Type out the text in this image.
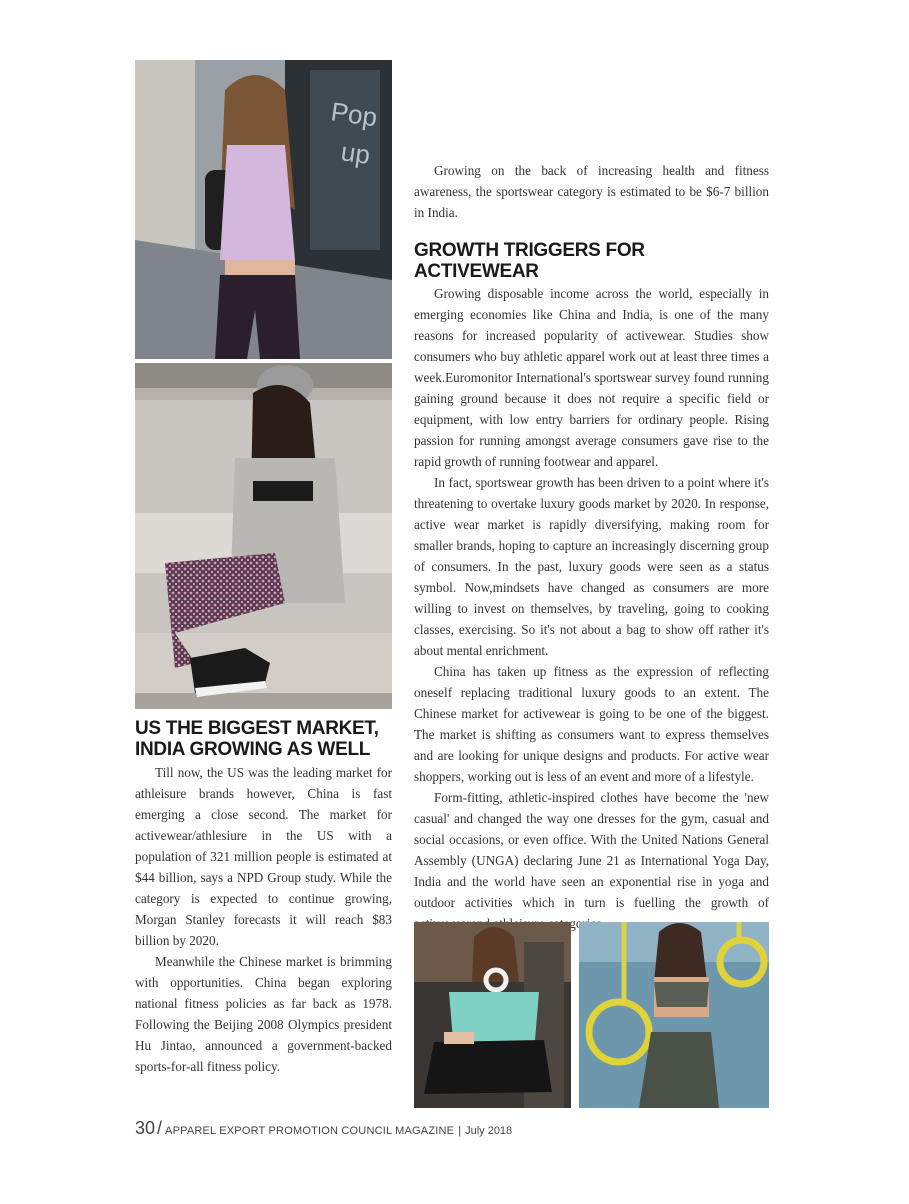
Pop
up
US THE BIGGEST MARKET,
INDIA GROWING AS WELL

Till now, the US was the leading market for athleisure brands however, China is fast emerging a close second. The market for activewear/athlesiure in the US with a population of 321 million people is estimated at $44 billion, says a NPD Group study. While the category is expected to continue growing, Morgan Stanley forecasts it will reach $83 billion by 2020.

Meanwhile the Chinese market is brimming with opportunities. China began exploring national fitness policies as far back as 1978. Following the Beijing 2008 Olympics president Hu Jintao, announced a government-backed sports-for-all fitness policy.

Growing on the back of increasing health and fitness awareness, the sportswear category is estimated to be $6-7 billion in India.

GROWTH TRIGGERS FOR ACTIVEWEAR

Growing disposable income across the world, especially in emerging economies like China and India, is one of the many reasons for increased popularity of activewear. Studies show consumers who buy athletic apparel work out at least three times a week.Euromonitor International's sportswear survey found running gaining ground because it does not require a specific field or equipment, with low entry barriers for ordinary people. Rising passion for running amongst average consumers gave rise to the rapid growth of running footwear and apparel.

In fact, sportswear growth has been driven to a point where it's threatening to overtake luxury goods market by 2020. In response, active wear market is rapidly diversifying, making room for smaller brands, hoping to capture an increasingly discerning group of consumers. In the past, luxury goods were seen as a status symbol. Now,mindsets have changed as consumers are more willing to invest on themselves, by traveling, going to cooking classes, exercising. So it's not about a bag to show off rather it's about mental enrichment.

China has taken up fitness as the expression of reflecting oneself replacing traditional luxury goods to an extent. The Chinese market for activewear is going to be one of the biggest. The market is shifting as consumers want to express themselves and are looking for unique designs and products. For active wear shoppers, working out is less of an event and more of a lifestyle.

Form-fitting, athletic-inspired clothes have become the 'new casual' and changed the way one dresses for the gym, casual and social occasions, or even office. With the United Nations General Assembly (UNGA) declaring June 21 as International Yoga Day, India and the world have seen an exponential rise in yoga and outdoor activities which in turn is fuelling the growth of categories.

30 / APPAREL EXPORT PROMOTION COUNCIL MAGAZINE | July 2018
